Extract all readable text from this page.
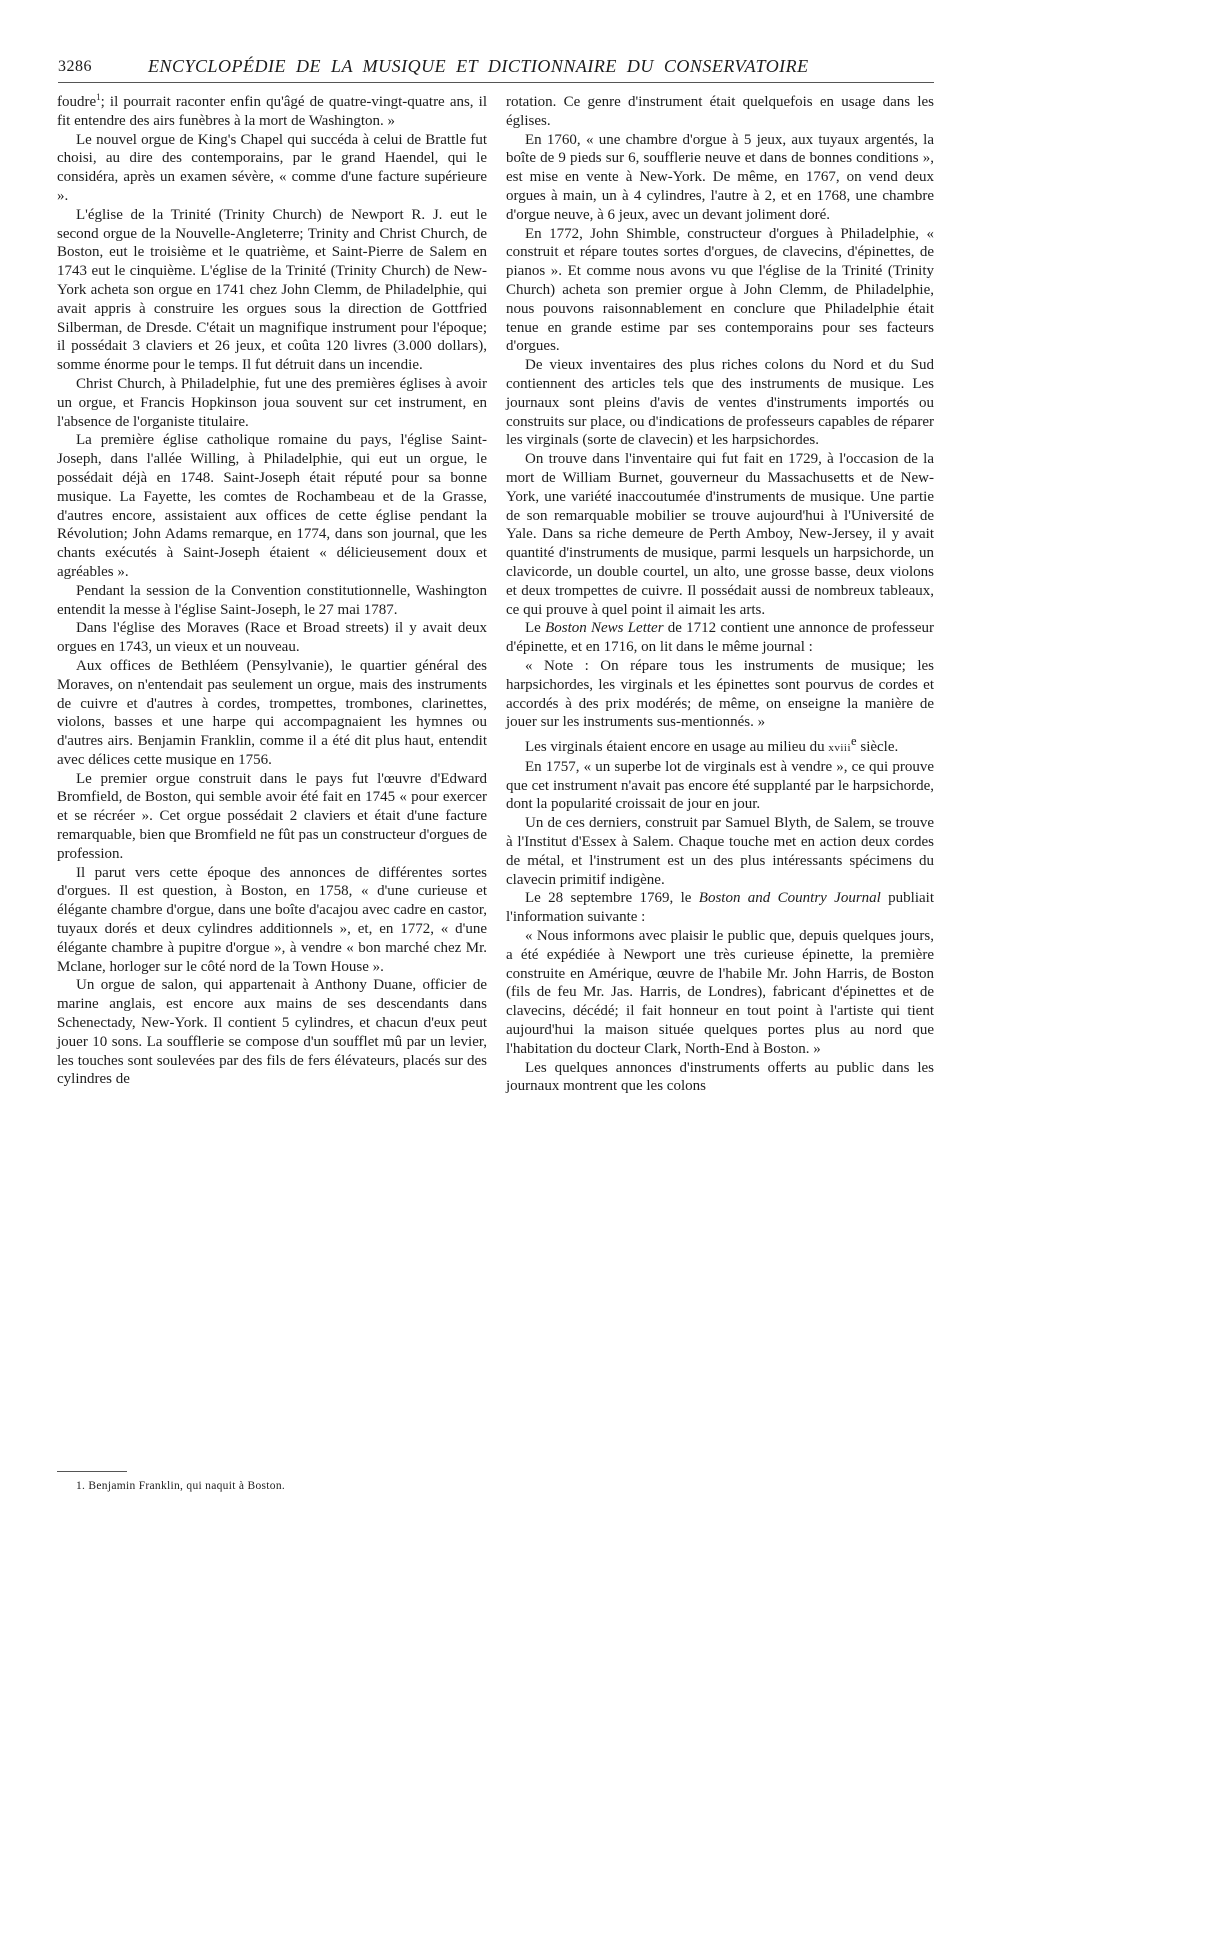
3286	ENCYCLOPÉDIE DE LA MUSIQUE ET DICTIONNAIRE DU CONSERVATOIRE

foudre$^1$; il pourrait raconter enfin qu'âgé de quatre-vingt-quatre ans, il fit entendre des airs funèbres à la mort de Washington. »

Le nouvel orgue de King's Chapel qui succéda à celui de Brattle fut choisi, au dire des contemporains, par le grand Haendel, qui le considéra, après un examen sévère, « comme d'une facture supérieure ».

L'église de la Trinité (Trinity Church) de Newport R. J. eut le second orgue de la Nouvelle-Angleterre; Trinity and Christ Church, de Boston, eut le troisième et le quatrième, et Saint-Pierre de Salem en 1743 eut le cinquième. L'église de la Trinité (Trinity Church) de New-York acheta son orgue en 1741 chez John Clemm, de Philadelphie, qui avait appris à construire les orgues sous la direction de Gottfried Silberman, de Dresde. C'était un magnifique instrument pour l'époque; il possédait 3 claviers et 26 jeux, et coûta 120 livres (3.000 dollars), somme énorme pour le temps. Il fut détruit dans un incendie.

Christ Church, à Philadelphie, fut une des premières églises à avoir un orgue, et Francis Hopkinson joua souvent sur cet instrument, en l'absence de l'organiste titulaire.

La première église catholique romaine du pays, l'église Saint-Joseph, dans l'allée Willing, à Philadelphie, qui eut un orgue, le possédait déjà en 1748. Saint-Joseph était réputé pour sa bonne musique. La Fayette, les comtes de Rochambeau et de la Grasse, d'autres encore, assistaient aux offices de cette église pendant la Révolution; John Adams remarque, en 1774, dans son journal, que les chants exécutés à Saint-Joseph étaient « délicieusement doux et agréables ».

Pendant la session de la Convention constitutionnelle, Washington entendit la messe à l'église Saint-Joseph, le 27 mai 1787.

Dans l'église des Moraves (Race et Broad streets) il y avait deux orgues en 1743, un vieux et un nouveau.

Aux offices de Bethléem (Pensylvanie), le quartier général des Moraves, on n'entendait pas seulement un orgue, mais des instruments de cuivre et d'autres à cordes, trompettes, trombones, clarinettes, violons, basses et une harpe qui accompagnaient les hymnes ou d'autres airs. Benjamin Franklin, comme il a été dit plus haut, entendit avec délices cette musique en 1756.

Le premier orgue construit dans le pays fut l'œuvre d'Edward Bromfield, de Boston, qui semble avoir été fait en 1745 « pour exercer et se récréer ». Cet orgue possédait 2 claviers et était d'une facture remarquable, bien que Bromfield ne fût pas un constructeur d'orgues de profession.

Il parut vers cette époque des annonces de différentes sortes d'orgues. Il est question, à Boston, en 1758, « d'une curieuse et élégante chambre d'orgue, dans une boîte d'acajou avec cadre en castor, tuyaux dorés et deux cylindres additionnels », et, en 1772, « d'une élégante chambre à pupitre d'orgue », à vendre « bon marché chez Mr. Mclane, horloger sur le côté nord de la Town House ».

Un orgue de salon, qui appartenait à Anthony Duane, officier de marine anglais, est encore aux mains de ses descendants dans Schenectady, New-York. Il contient 5 cylindres, et chacun d'eux peut jouer 10 sons. La soufflerie se compose d'un soufflet mû par un levier, les touches sont soulevées par des fils de fers élévateurs, placés sur des cylindres de

rotation. Ce genre d'instrument était quelquefois en usage dans les églises.

En 1760, « une chambre d'orgue à 5 jeux, aux tuyaux argentés, la boîte de 9 pieds sur 6, soufflerie neuve et dans de bonnes conditions », est mise en vente à New-York. De même, en 1767, on vend deux orgues à main, un à 4 cylindres, l'autre à 2, et en 1768, une chambre d'orgue neuve, à 6 jeux, avec un devant joliment doré.

En 1772, John Shimble, constructeur d'orgues à Philadelphie, « construit et répare toutes sortes d'orgues, de clavecins, d'épinettes, de pianos ». Et comme nous avons vu que l'église de la Trinité (Trinity Church) acheta son premier orgue à John Clemm, de Philadelphie, nous pouvons raisonnablement en conclure que Philadelphie était tenue en grande estime par ses contemporains pour ses facteurs d'orgues.

De vieux inventaires des plus riches colons du Nord et du Sud contiennent des articles tels que des instruments de musique. Les journaux sont pleins d'avis de ventes d'instruments importés ou construits sur place, ou d'indications de professeurs capables de réparer les virginals (sorte de clavecin) et les harpsichordes.

On trouve dans l'inventaire qui fut fait en 1729, à l'occasion de la mort de William Burnet, gouverneur du Massachusetts et de New-York, une variété inaccoutumée d'instruments de musique. Une partie de son remarquable mobilier se trouve aujourd'hui à l'Université de Yale. Dans sa riche demeure de Perth Amboy, New-Jersey, il y avait quantité d'instruments de musique, parmi lesquels un harpsichorde, un clavicorde, un double courtel, un alto, une grosse basse, deux violons et deux trompettes de cuivre. Il possédait aussi de nombreux tableaux, ce qui prouve à quel point il aimait les arts.

Le Boston News Letter de 1712 contient une annonce de professeur d'épinette, et en 1716, on lit dans le même journal :

« Note : On répare tous les instruments de musique; les harpsichordes, les virginals et les épinettes sont pourvus de cordes et accordés à des prix modérés; de même, on enseigne la manière de jouer sur les instruments sus-mentionnés. »

Les virginals étaient encore en usage au milieu du xviii$^e$ siècle.

En 1757, « un superbe lot de virginals est à vendre », ce qui prouve que cet instrument n'avait pas encore été supplanté par le harpsichorde, dont la popularité croissait de jour en jour.

Un de ces derniers, construit par Samuel Blyth, de Salem, se trouve à l'Institut d'Essex à Salem. Chaque touche met en action deux cordes de métal, et l'instrument est un des plus intéressants spécimens du clavecin primitif indigène.

Le 28 septembre 1769, le Boston and Country Journal publiait l'information suivante :

« Nous informons avec plaisir le public que, depuis quelques jours, a été expédiée à Newport une très curieuse épinette, la première construite en Amérique, œuvre de l'habile Mr. John Harris, de Boston (fils de feu Mr. Jas. Harris, de Londres), fabricant d'épinettes et de clavecins, décédé; il fait honneur en tout point à l'artiste qui tient aujourd'hui la maison située quelques portes plus au nord que l'habitation du docteur Clark, North-End à Boston. »

Les quelques annonces d'instruments offerts au public dans les journaux montrent que les colons

1. Benjamin Franklin, qui naquit à Boston.
